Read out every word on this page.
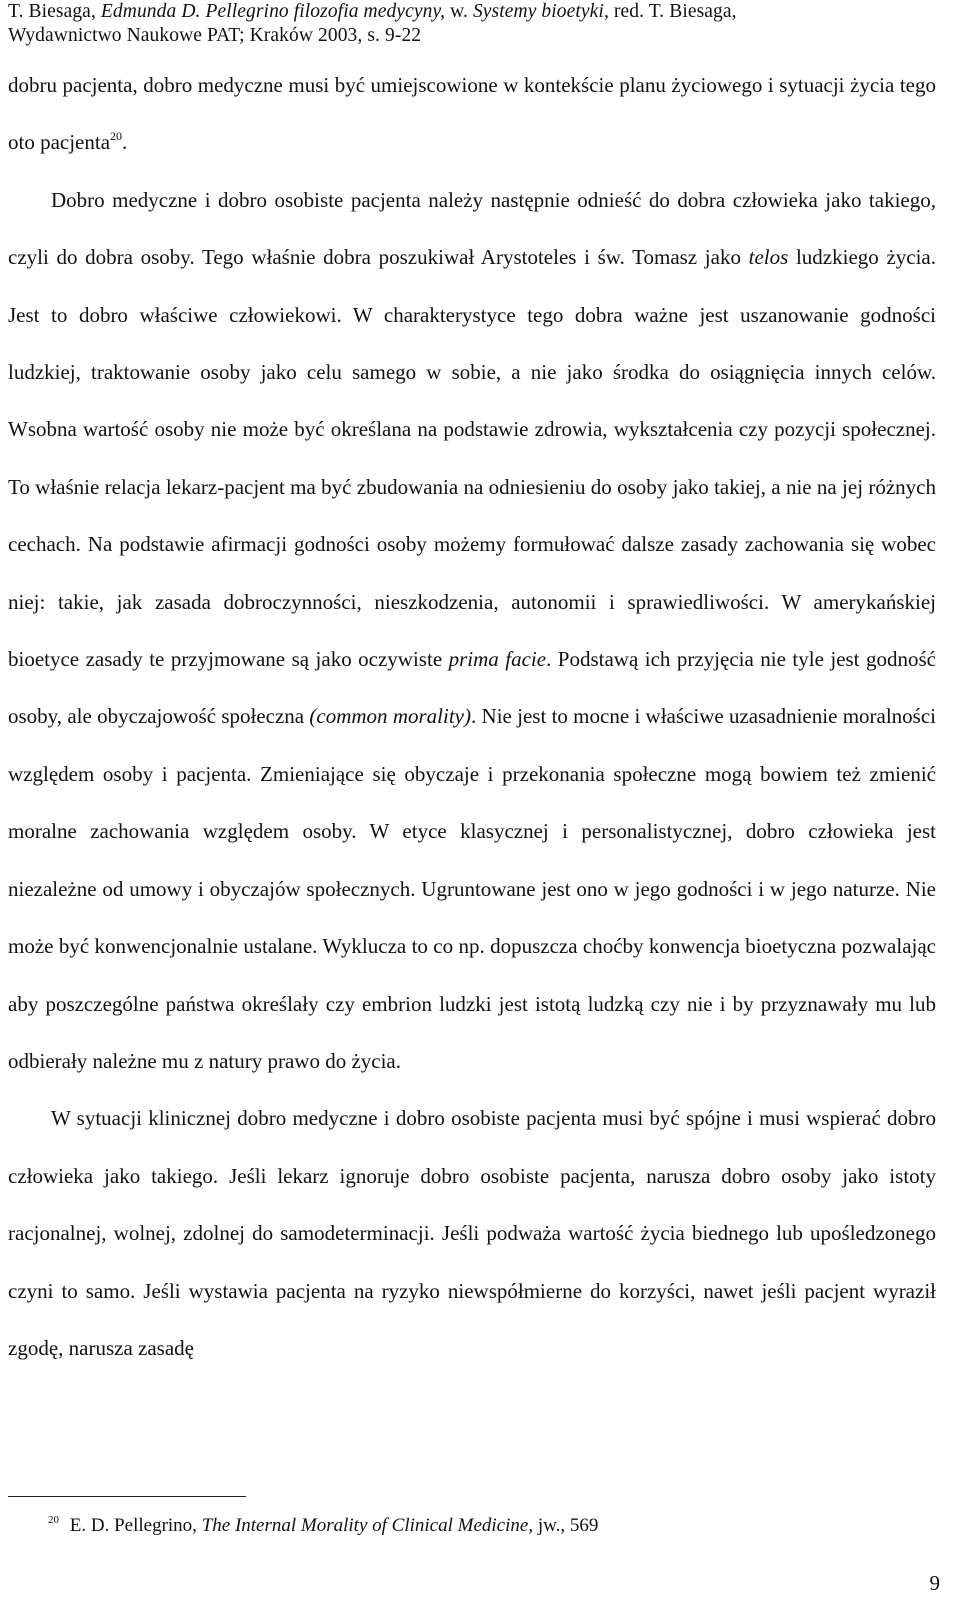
T. Biesaga, Edmunda D. Pellegrino filozofia medycyny, w. Systemy bioetyki, red. T. Biesaga,
Wydawnictwo Naukowe PAT; Kraków 2003, s. 9-22

dobru pacjenta, dobro medyczne musi być umiejscowione w kontekście planu życiowego i sytuacji życia tego oto pacjenta$^{20}$.

Dobro medyczne i dobro osobiste pacjenta należy następnie odnieść do dobra człowieka jako takiego, czyli do dobra osoby. Tego właśnie dobra poszukiwał Arystoteles i św. Tomasz jako telos ludzkiego życia. Jest to dobro właściwe człowiekowi. W charakterystyce tego dobra ważne jest uszanowanie godności ludzkiej, traktowanie osoby jako celu samego w sobie, a nie jako środka do osiągnięcia innych celów. Wsobna wartość osoby nie może być określana na podstawie zdrowia, wykształcenia czy pozycji społecznej. To właśnie relacja lekarz-pacjent ma być zbudowania na odniesieniu do osoby jako takiej, a nie na jej różnych cechach. Na podstawie afirmacji godności osoby możemy formułować dalsze zasady zachowania się wobec niej: takie, jak zasada dobroczynności, nieszkodzenia, autonomii i sprawiedliwości. W amerykańskiej bioetyce zasady te przyjmowane są jako oczywiste prima facie. Podstawą ich przyjęcia nie tyle jest godność osoby, ale obyczajowość społeczna (common morality). Nie jest to mocne i właściwe uzasadnienie moralności względem osoby i pacjenta. Zmieniające się obyczaje i przekonania społeczne mogą bowiem też zmienić moralne zachowania względem osoby. W etyce klasycznej i personalistycznej, dobro człowieka jest niezależne od umowy i obyczajów społecznych. Ugruntowane jest ono w jego godności i w jego naturze. Nie może być konwencjonalnie ustalane. Wyklucza to co np. dopuszcza choćby konwencja bioetyczna pozwalając aby poszczególne państwa określały czy embrion ludzki jest istotą ludzką czy nie i by przyznawały mu lub odbierały należne mu z natury prawo do życia.

W sytuacji klinicznej dobro medyczne i dobro osobiste pacjenta musi być spójne i musi wspierać dobro człowieka jako takiego. Jeśli lekarz ignoruje dobro osobiste pacjenta, narusza dobro osoby jako istoty racjonalnej, wolnej, zdolnej do samodeterminacji. Jeśli podważa wartość życia biednego lub upośledzonego czyni to samo. Jeśli wystawia pacjenta na ryzyko niewspółmierne do korzyści, nawet jeśli pacjent wyraził zgodę, narusza zasadę

$^{20}$ E. D. Pellegrino, The Internal Morality of Clinical Medicine, jw., 569
9
